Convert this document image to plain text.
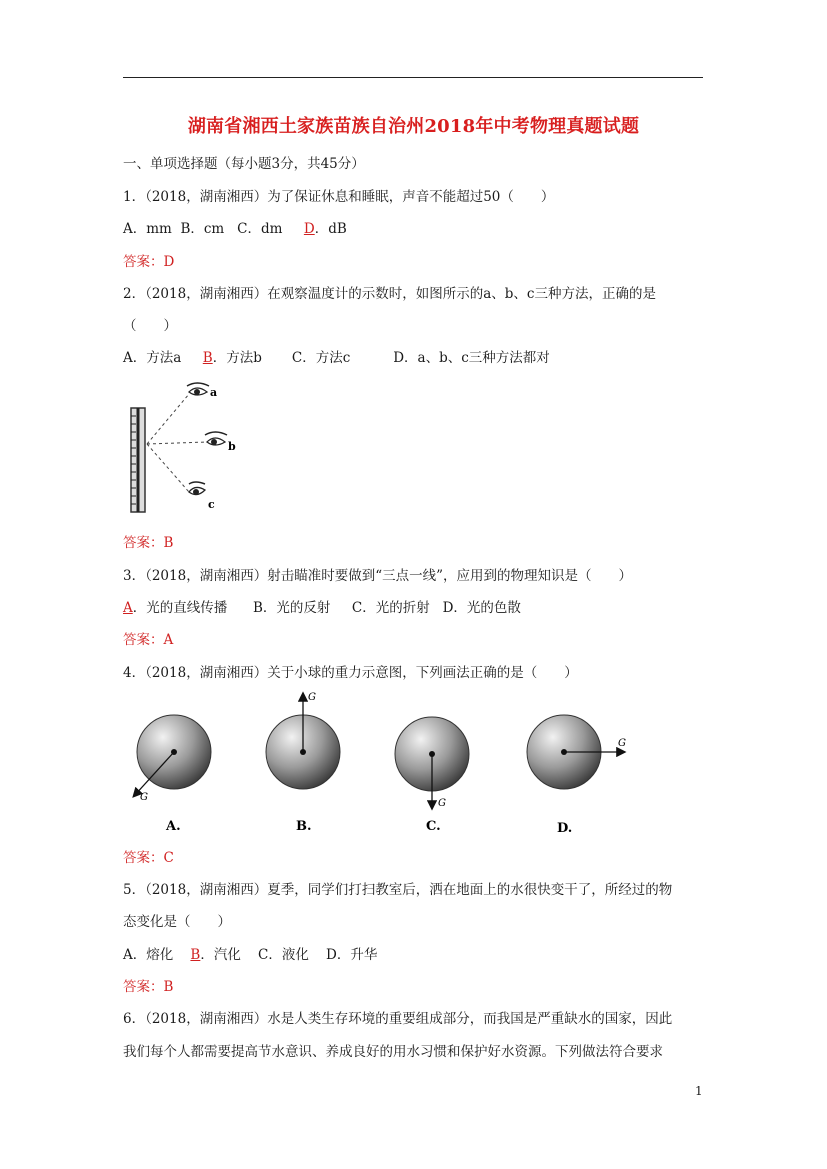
湖南省湘西土家族苗族自治州2018年中考物理真题试题
一、单项选择题（每小题3分，共45分）
1．（2018，湖南湘西）为了保证休息和睡眠，声音不能超过50（　　）
A．mm B．cm C．dm D．dB
答案：D
2．（2018，湖南湘西）在观察温度计的示数时，如图所示的a、b、c三种方法，正确的是
（　　）
A．方法a B．方法b C．方法c	D．a、b、c三种方法都对
a
b
c
答案：B
3．（2018，湖南湘西）射击瞄准时要做到“三点一线”，应用到的物理知识是（　　）
A．光的直线传播 B．光的反射 C．光的折射 D．光的色散
答案：A
4．（2018，湖南湘西）关于小球的重力示意图，下列画法正确的是（　　）
G
A.
G
B.
G
C.
G
D.
答案：C
5．（2018，湖南湘西）夏季，同学们打扫教室后，洒在地面上的水很快变干了，所经过的物
态变化是（　　）
A．熔化 B．汽化 C．液化 D．升华
答案：B
6．（2018，湖南湘西）水是人类生存环境的重要组成部分，而我国是严重缺水的国家，因此
我们每个人都需要提高节水意识、养成良好的用水习惯和保护好水资源。下列做法符合要求
1
